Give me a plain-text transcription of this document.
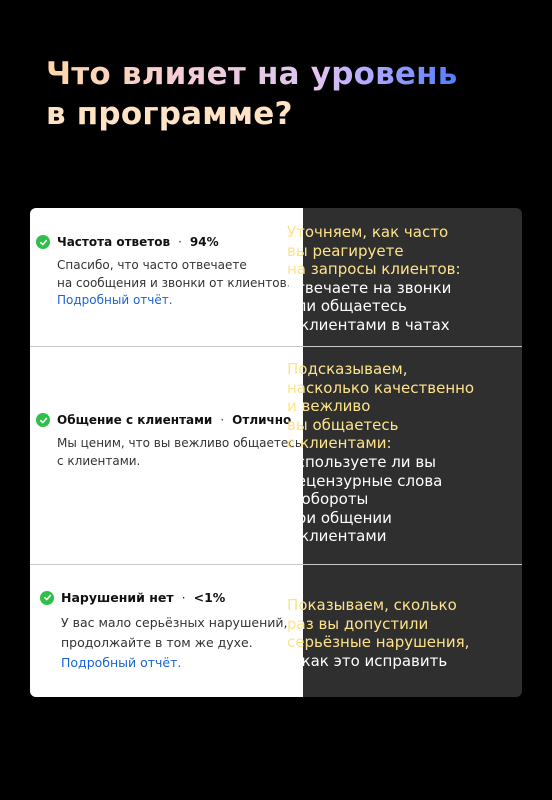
Что влияет на уровень
в программе?
Частота ответов · 94%
Спасибо, что часто отвечаете
на сообщения и звонки от клиентов.
Подробный отчёт.
Общение с клиентами · Отлично
Мы ценим, что вы вежливо общаетесь
с клиентами.
Нарушений нет · <1%
У вас мало серьёзных нарушений,
продолжайте в том же духе.
Подробный отчёт.
Уточняем, как часто
вы реагируете
на запросы клиентов:
отвечаете на звонки
или общаетесь
с клиентами в чатах
Подсказываем,
насколько качественно
и вежливо
вы общаетесь
с клиентами:
используете ли вы
нецензурные слова
и обороты
при общении
с клиентами
Показываем, сколько
раз вы допустили
серьёзные нарушения,
и как это исправить
